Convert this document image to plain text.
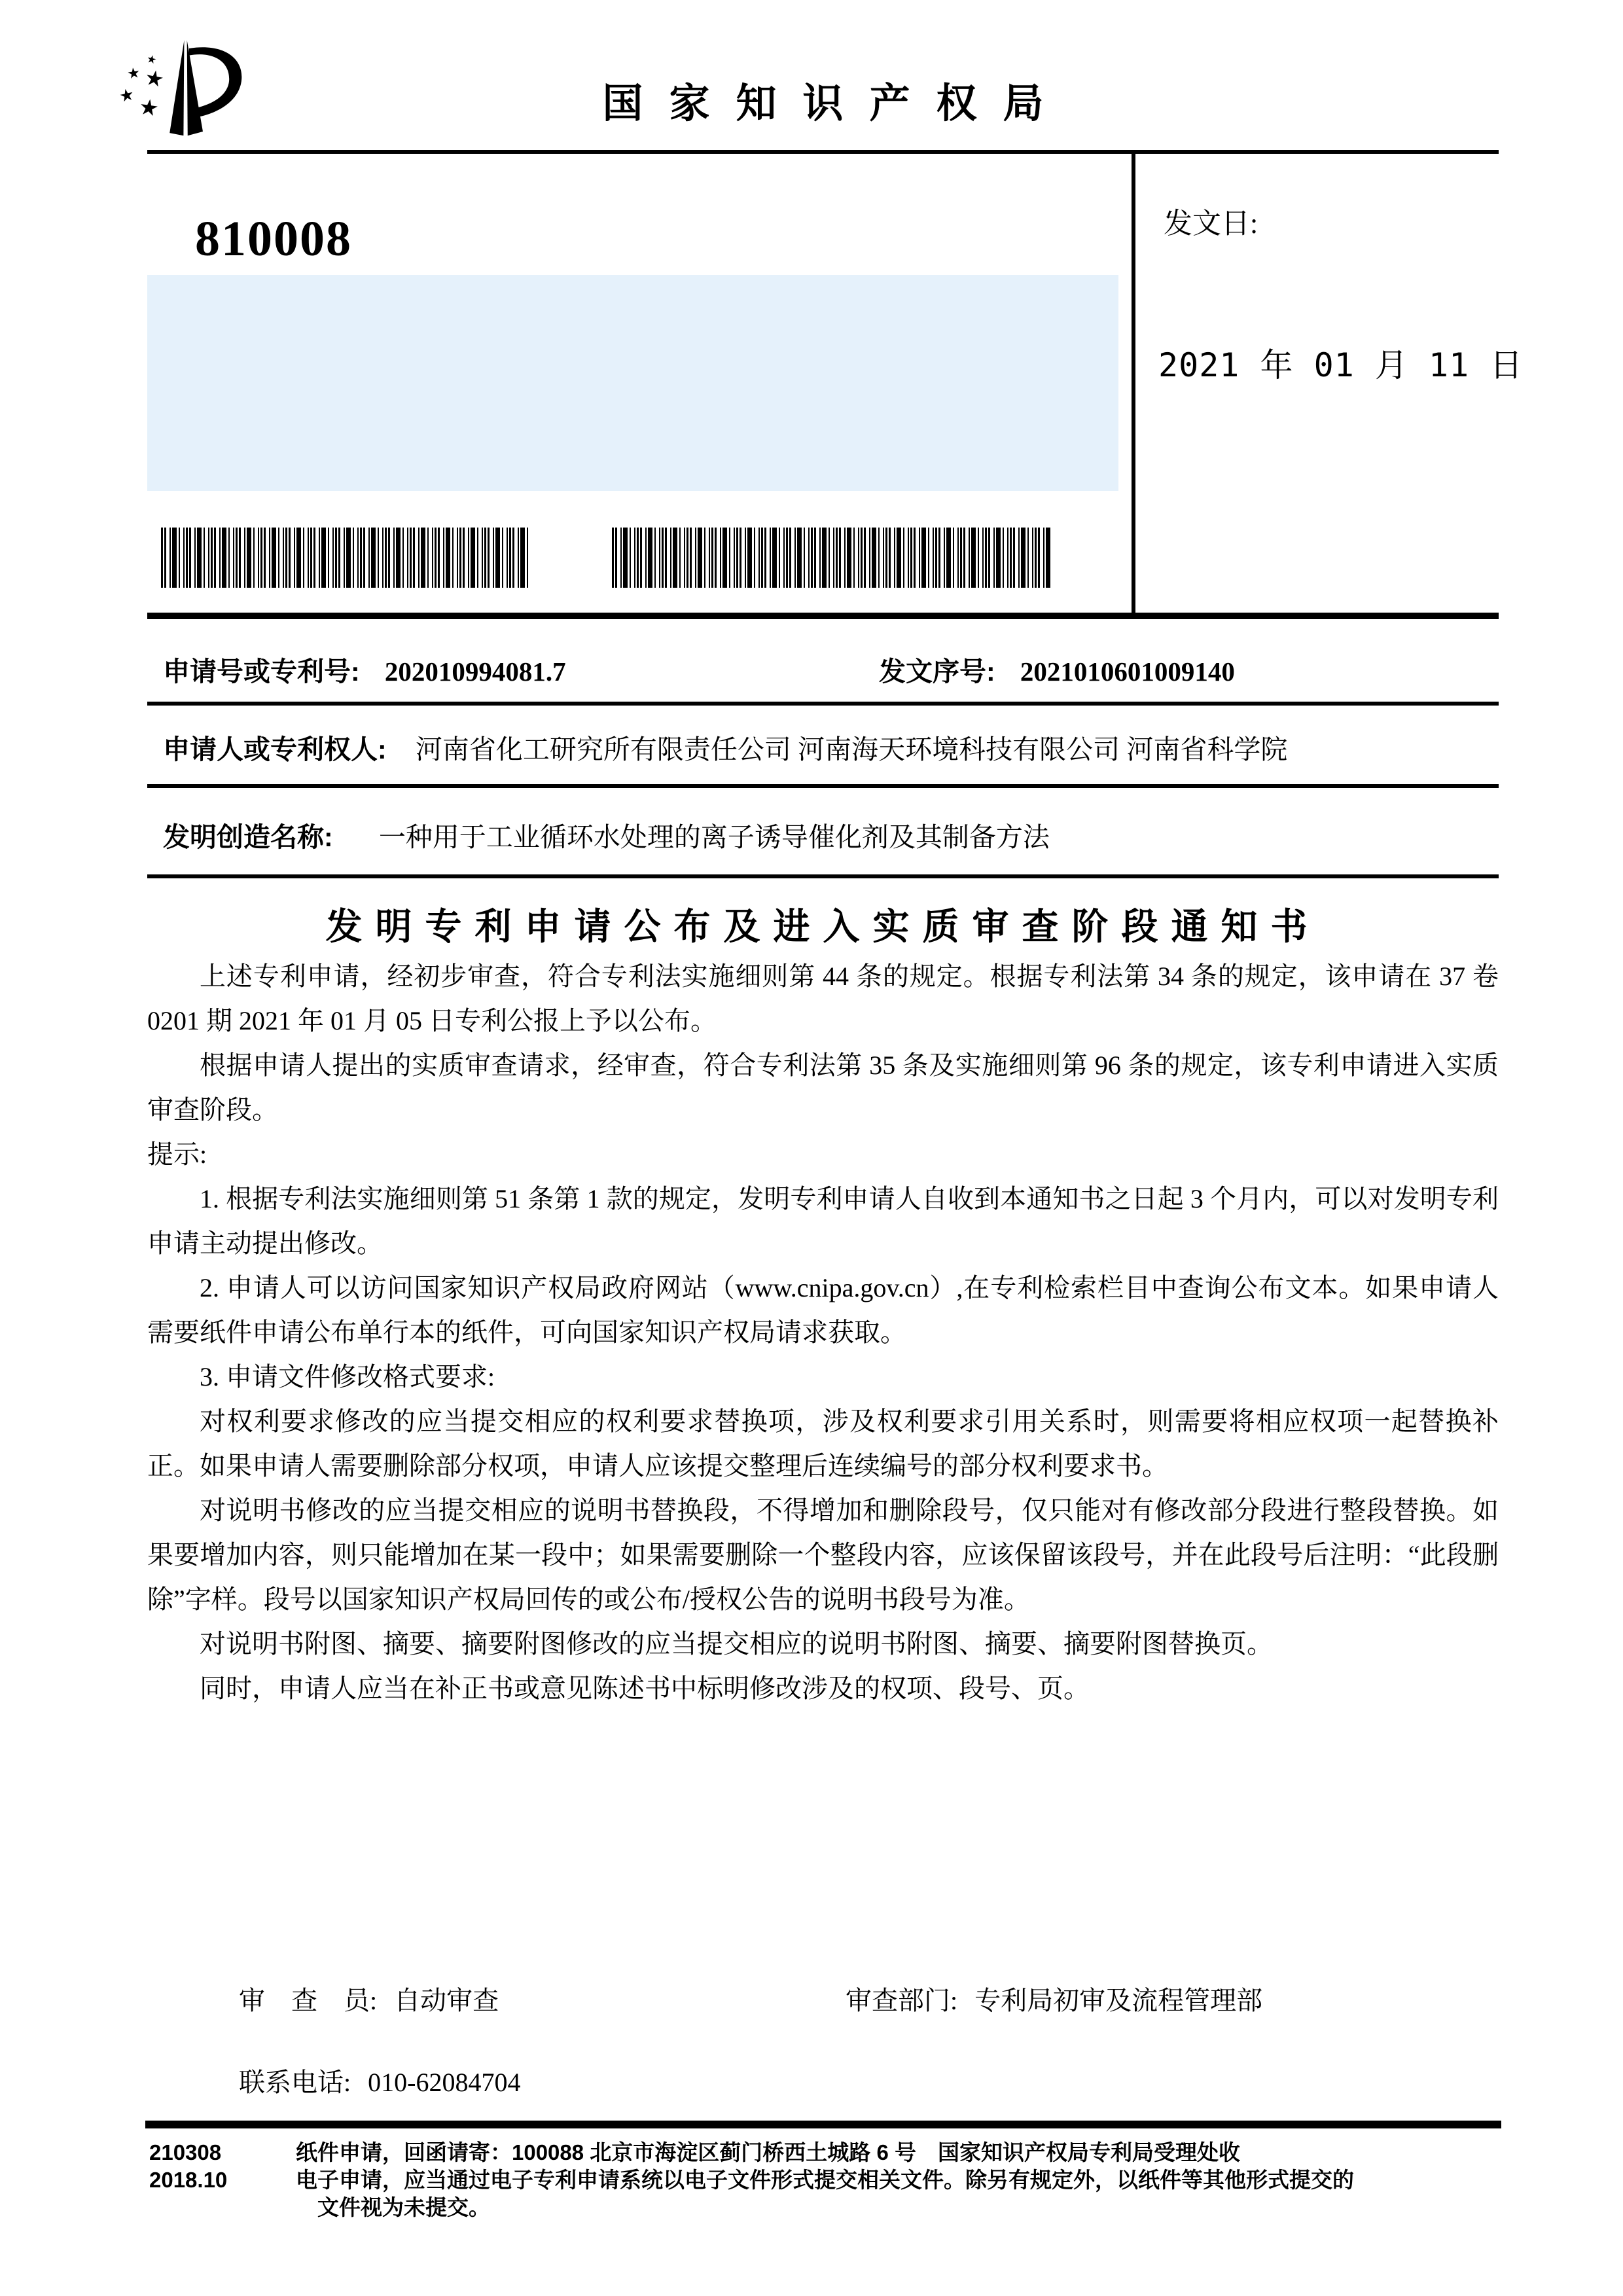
国家知识产权局
810008	发文日:
2021 年 01 月 11 日
申请号或专利号: 202010994081.7	发文序号: 2021010601009140
申请人或专利权人: 河南省化工研究所有限责任公司 河南海天环境科技有限公司 河南省科学院
发明创造名称: 一种用于工业循环水处理的离子诱导催化剂及其制备方法
发明专利申请公布及进入实质审查阶段通知书

上述专利申请，经初步审查，符合专利法实施细则第 44 条的规定。根据专利法第 34 条的规定，该申请在 37 卷 0201 期 2021 年 01 月 05 日专利公报上予以公布。

根据申请人提出的实质审查请求，经审查，符合专利法第 35 条及实施细则第 96 条的规定，该专利申请进入实质审查阶段。

提示:

1. 根据专利法实施细则第 51 条第 1 款的规定，发明专利申请人自收到本通知书之日起 3 个月内，可以对发明专利申请主动提出修改。

2. 申请人可以访问国家知识产权局政府网站（www.cnipa.gov.cn）,在专利检索栏目中查询公布文本。如果申请人需要纸件申请公布单行本的纸件，可向国家知识产权局请求获取。

3. 申请文件修改格式要求:

对权利要求修改的应当提交相应的权利要求替换项，涉及权利要求引用关系时，则需要将相应权项一起替换补正。如果申请人需要删除部分权项，申请人应该提交整理后连续编号的部分权利要求书。

对说明书修改的应当提交相应的说明书替换段，不得增加和删除段号，仅只能对有修改部分段进行整段替换。如果要增加内容，则只能增加在某一段中；如果需要删除一个整段内容，应该保留该段号，并在此段号后注明：“此段删除”字样。段号以国家知识产权局回传的或公布/授权公告的说明书段号为准。

对说明书附图、摘要、摘要附图修改的应当提交相应的说明书附图、摘要、摘要附图替换页。

同时，申请人应当在补正书或意见陈述书中标明修改涉及的权项、段号、页。

审　查　员: 自动审查	审查部门: 专利局初审及流程管理部
联系电话: 010-62084704
210308
2018.10
纸件申请，回函请寄：100088 北京市海淀区蓟门桥西土城路 6 号　国家知识产权局专利局受理处收
电子申请，应当通过电子专利申请系统以电子文件形式提交相关文件。除另有规定外，以纸件等其他形式提交的
文件视为未提交。
